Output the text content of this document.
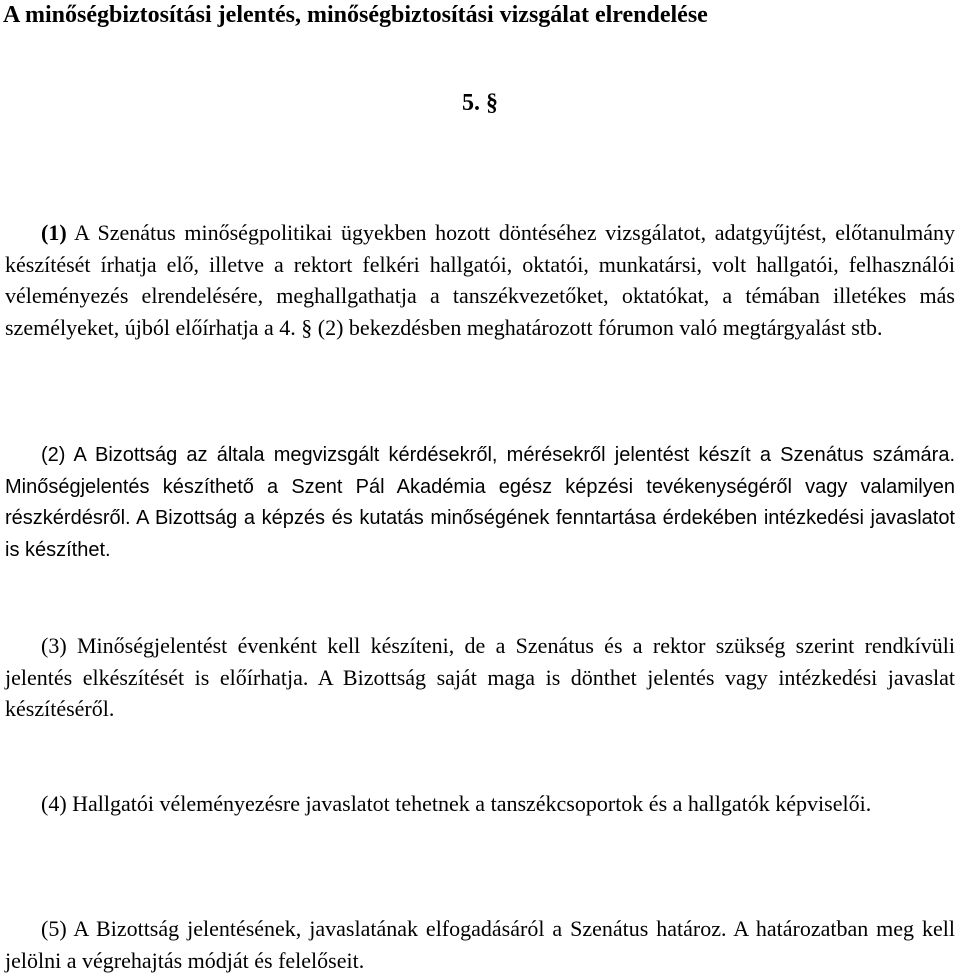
A minőségbiztosítási jelentés, minőségbiztosítási vizsgálat elrendelése
5. §

(1) A Szenátus minőségpolitikai ügyekben hozott döntéséhez vizsgálatot, adatgyűjtést, előtanulmány készítését írhatja elő, illetve a rektort felkéri hallgatói, oktatói, munkatársi, volt hallgatói, felhasználói véleményezés elrendelésére, meghallgathatja a tanszékvezetőket, oktatókat, a témában illetékes más személyeket, újból előírhatja a 4. § (2) bekezdésben meghatározott fórumon való megtárgyalást stb.

(2) A Bizottság az általa megvizsgált kérdésekről, mérésekről jelentést készít a Szenátus számára. Minőségjelentés készíthető a Szent Pál Akadémia egész képzési tevékenységéről vagy valamilyen részkérdésről. A Bizottság a képzés és kutatás minőségének fenntartása érdekében intézkedési javaslatot is készíthet.

(3) Minőségjelentést évenként kell készíteni, de a Szenátus és a rektor szükség szerint rendkívüli jelentés elkészítését is előírhatja. A Bizottság saját maga is dönthet jelentés vagy intézkedési javaslat készítéséről.

(4) Hallgatói véleményezésre javaslatot tehetnek a tanszékcsoportok és a hallgatók képviselői.

(5) A Bizottság jelentésének, javaslatának elfogadásáról a Szenátus határoz. A határozatban meg kell jelölni a végrehajtás módját és felelőseit.
